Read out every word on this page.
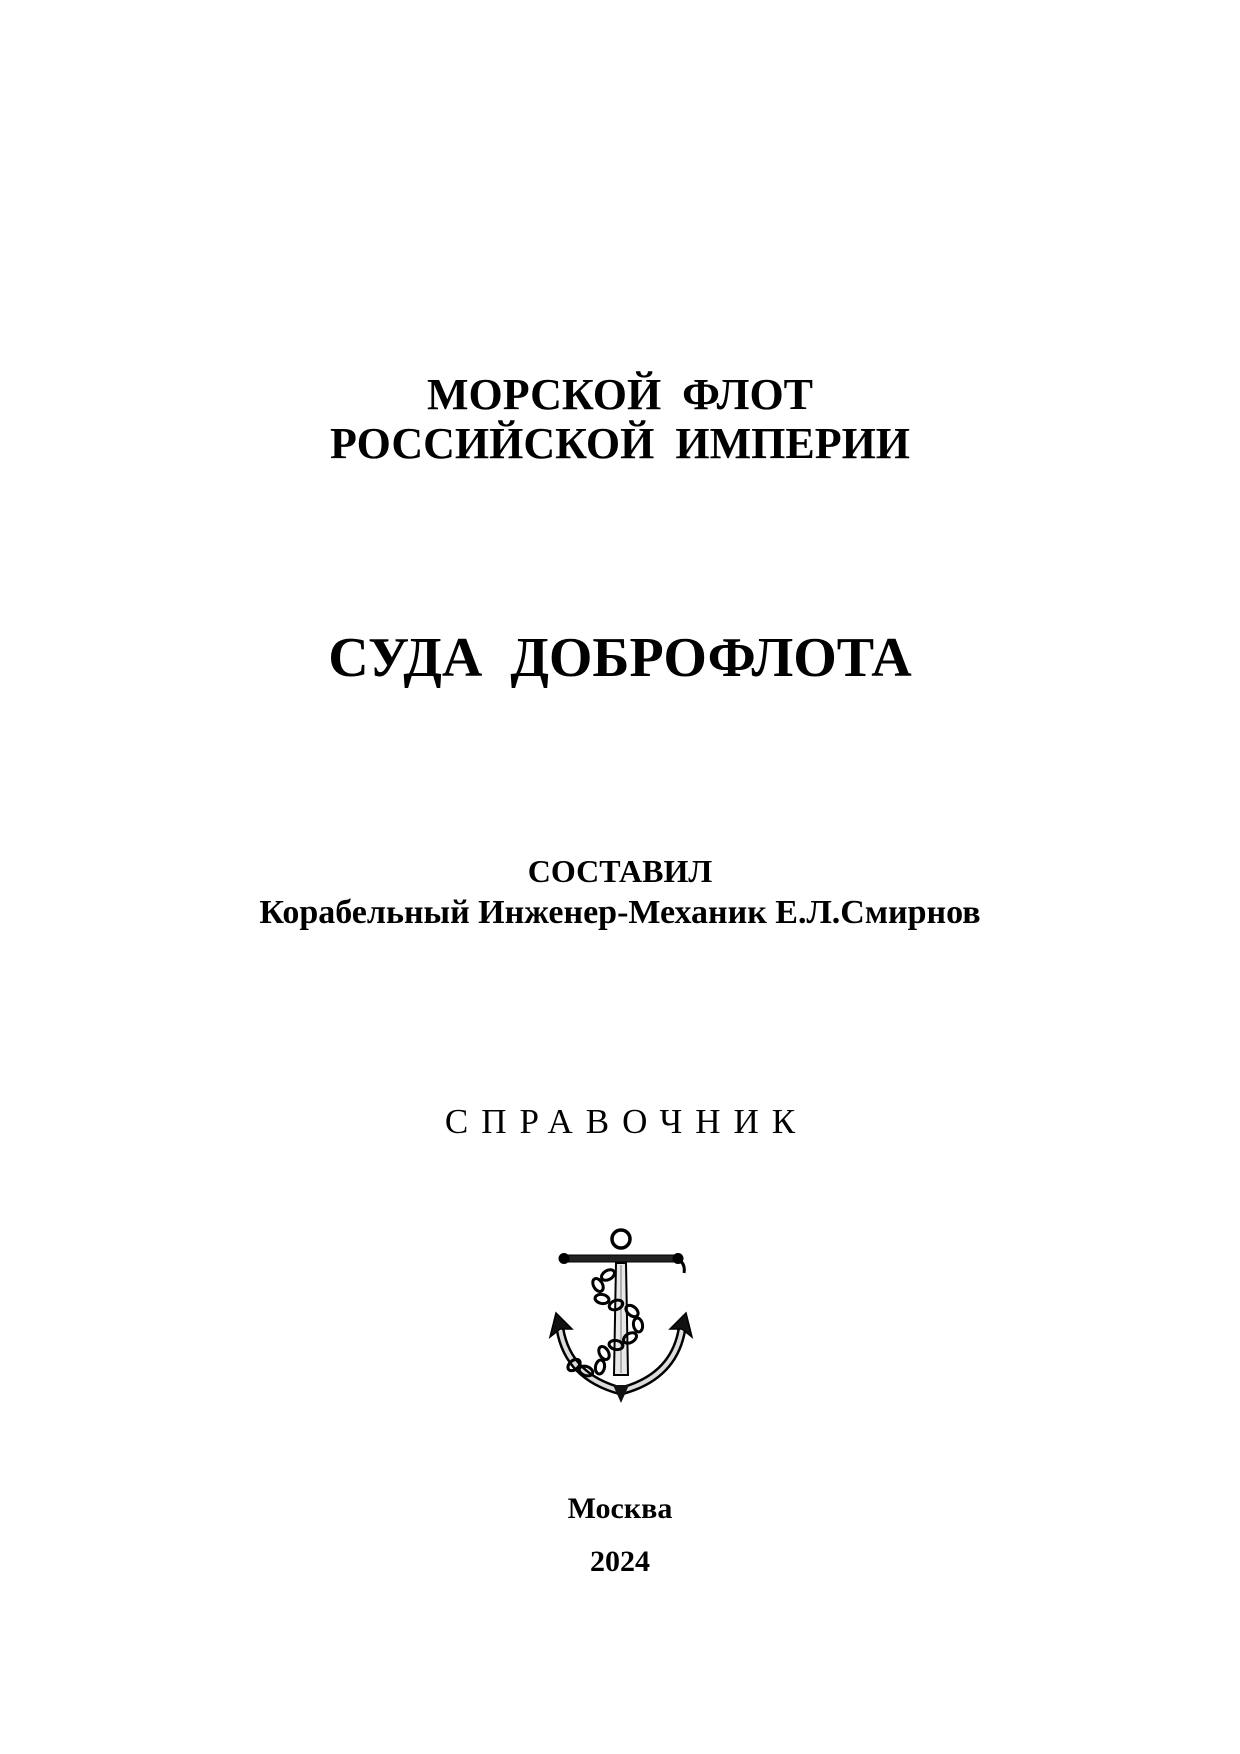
МОРСКОЙ ФЛОТ
РОССИЙСКОЙ ИМПЕРИИ
СУДА ДОБРОФЛОТА
СОСТАВИЛ
Корабельный Инженер-Механик Е.Л.Смирнов
СПРАВОЧНИК
Москва
2024
